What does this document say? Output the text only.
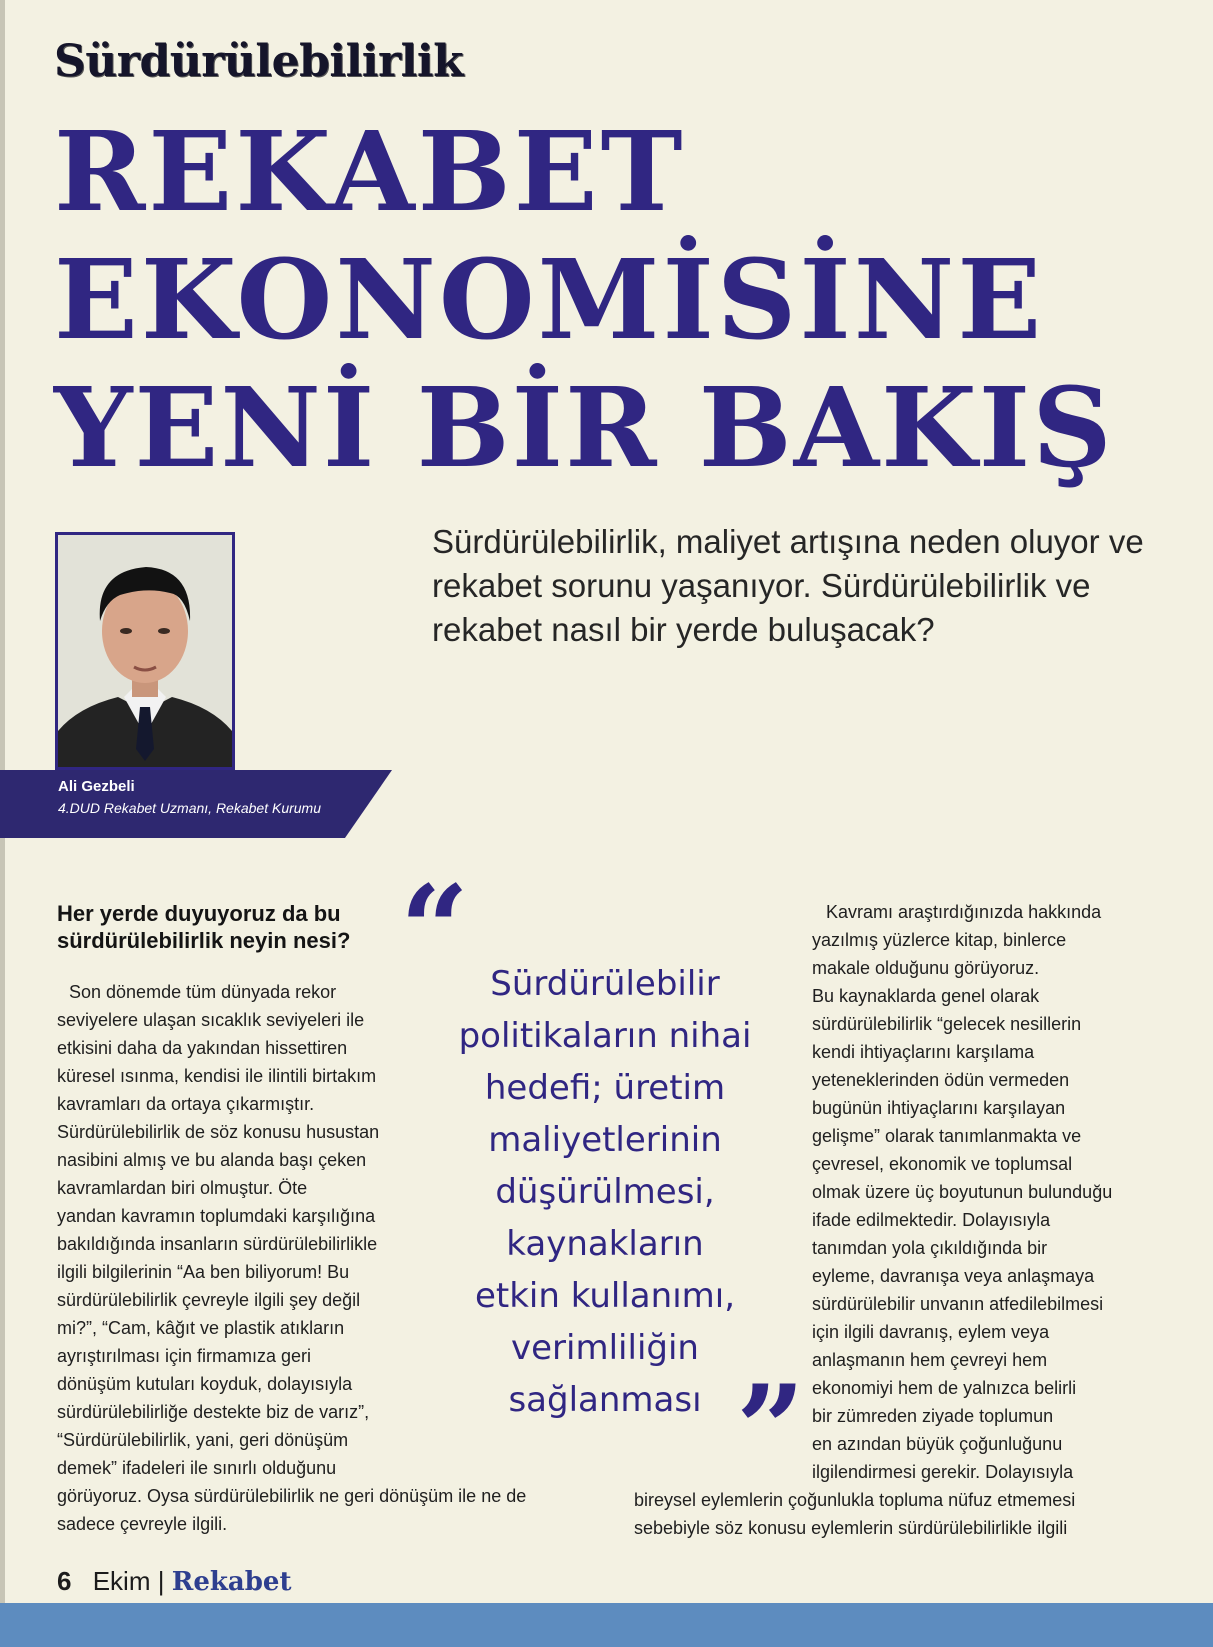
Sürdürülebilirlik
REKABET
EKONOMİSİNE
YENİ BİR BAKIŞ
Sürdürülebilirlik, maliyet artışına neden oluyor ve rekabet sorunu yaşanıyor. Sürdürülebilirlik ve rekabet nasıl bir yerde buluşacak?
Ali Gezbeli
4.DUD Rekabet Uzmanı, Rekabet Kurumu
Her yerde duyuyoruz da bu sürdürülebilirlik neyin nesi?
Son dönemde tüm dünyada rekor
seviyelere ulaşan sıcaklık seviyeleri ile
etkisini daha da yakından hissettiren
küresel ısınma, kendisi ile ilintili birtakım
kavramları da ortaya çıkarmıştır.
Sürdürülebilirlik de söz konusu husustan
nasibini almış ve bu alanda başı çeken
kavramlardan biri olmuştur. Öte
yandan kavramın toplumdaki karşılığına
bakıldığında insanların sürdürülebilirlikle
ilgili bilgilerinin “Aa ben biliyorum! Bu
sürdürülebilirlik çevreyle ilgili şey değil
mi?”, “Cam, kâğıt ve plastik atıkların
ayrıştırılması için firmamıza geri
dönüşüm kutuları koyduk, dolayısıyla
sürdürülebilirliğe destekte biz de varız”,
“Sürdürülebilirlik, yani, geri dönüşüm
demek” ifadeleri ile sınırlı olduğunu
görüyoruz. Oysa sürdürülebilirlik ne geri dönüşüm ile ne de
sadece çevreyle ilgili.
“ Sürdürülebilir
politikaların nihai
hedefi; üretim
maliyetlerinin
düşürülmesi,
kaynakların
etkin kullanımı,
verimliliğin
sağlanması ”
Kavramı araştırdığınızda hakkında
yazılmış yüzlerce kitap, binlerce
makale olduğunu görüyoruz.
Bu kaynaklarda genel olarak
sürdürülebilirlik “gelecek nesillerin
kendi ihtiyaçlarını karşılama
yeteneklerinden ödün vermeden
bugünün ihtiyaçlarını karşılayan
gelişme” olarak tanımlanmakta ve
çevresel, ekonomik ve toplumsal
olmak üzere üç boyutunun bulunduğu
ifade edilmektedir. Dolayısıyla
tanımdan yola çıkıldığında bir
eyleme, davranışa veya anlaşmaya
sürdürülebilir unvanın atfedilebilmesi
için ilgili davranış, eylem veya
anlaşmanın hem çevreyi hem
ekonomiyi hem de yalnızca belirli
bir zümreden ziyade toplumun
en azından büyük çoğunluğunu
ilgilendirmesi gerekir. Dolayısıyla
bireysel eylemlerin çoğunlukla topluma nüfuz etmemesi
sebebiyle söz konusu eylemlerin sürdürülebilirlikle ilgili
6 Ekim | Rekabet
